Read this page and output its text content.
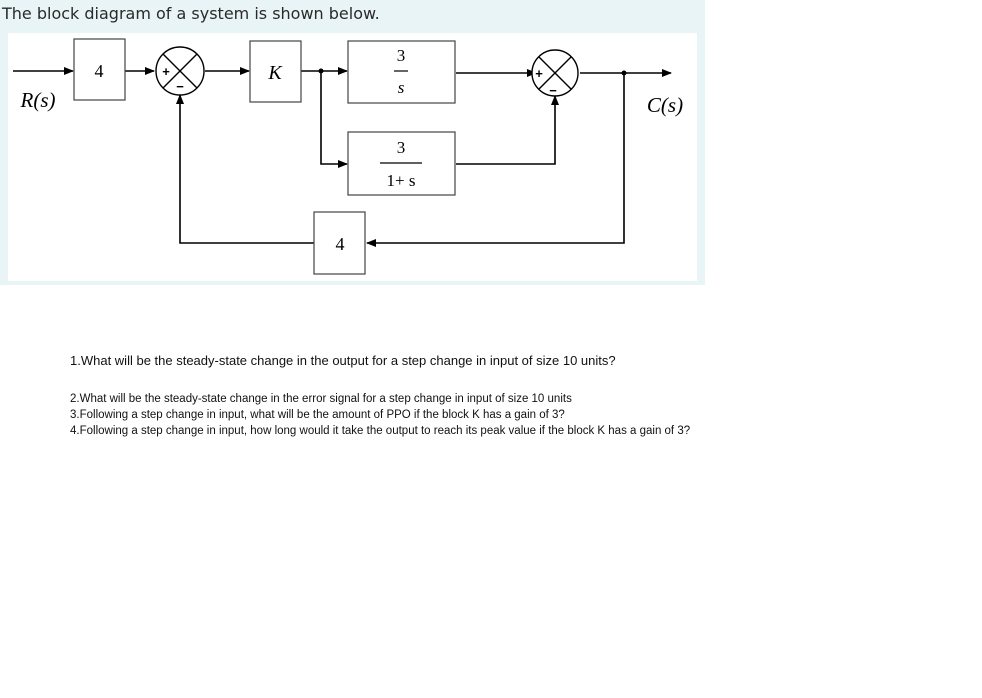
The block diagram of a system is shown below.
+
−
+
−
4	K
3
s
3
1+ s
4
R(s)	C(s)
1.What will be the steady-state change in the output for a step change in input of size 10 units?
2.What will be the steady-state change in the error signal for a step change in input of size 10 units
3.Following a step change in input, what will be the amount of PPO if the block K has a gain of 3?
4.Following a step change in input, how long would it take the output to reach its peak value if the block K has a gain of 3?
